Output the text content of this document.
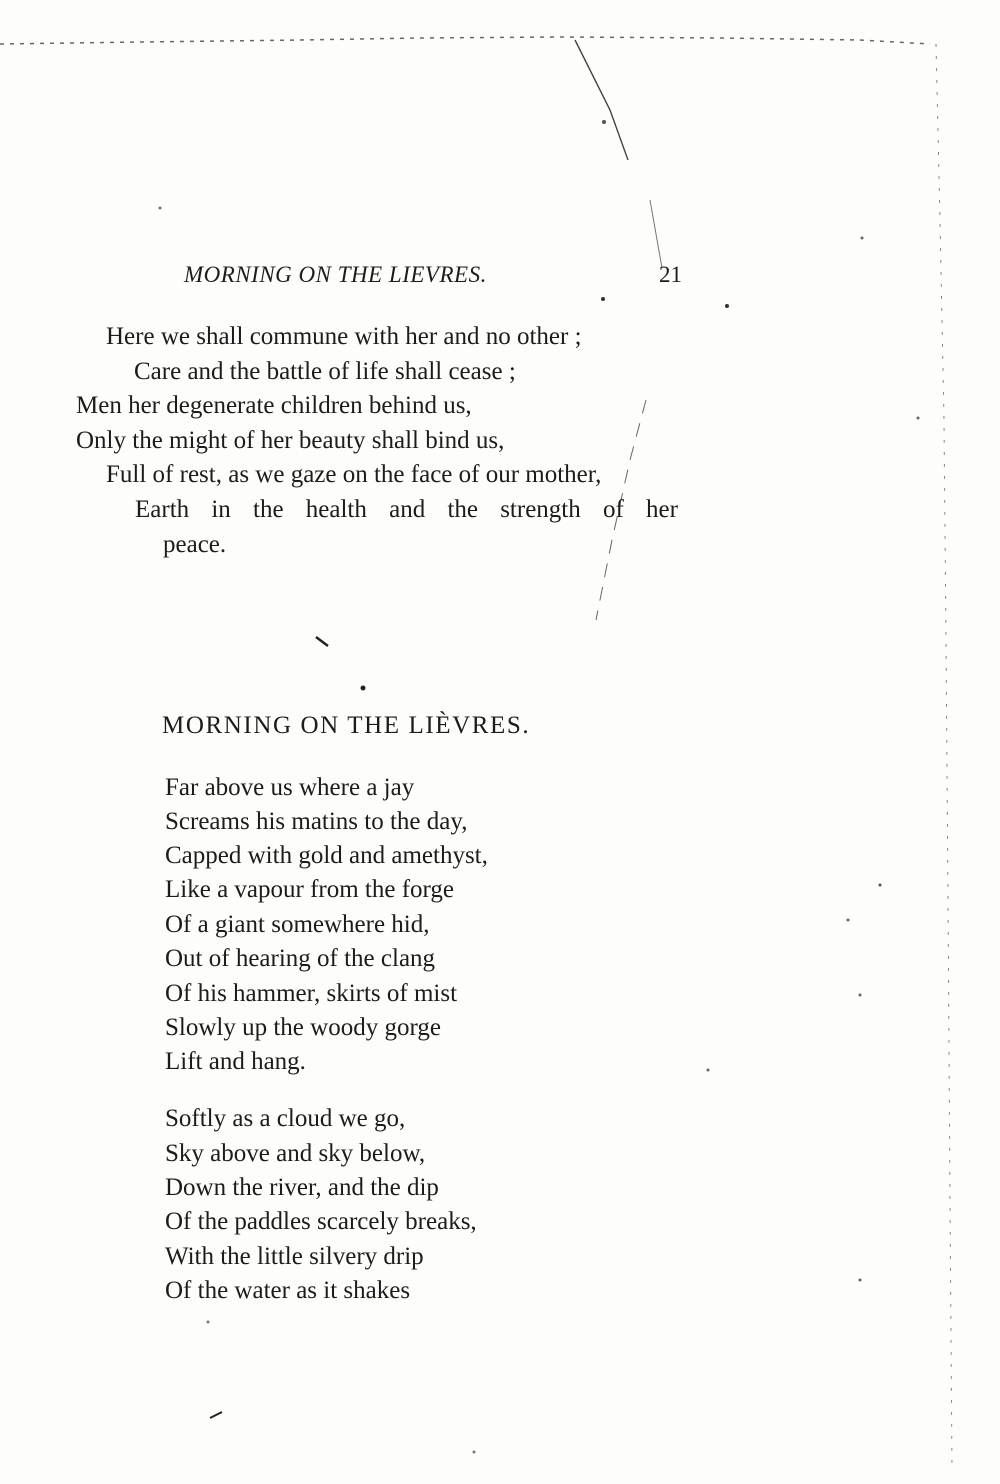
MORNING ON THE LIEVRES.	21
Here we shall commune with her and no other ;
Care and the battle of life shall cease ;
Men her degenerate children behind us,
Only the might of her beauty shall bind us,
Full of rest, as we gaze on the face of our mother,
Earth in the health and the strength of her
peace.
MORNING ON THE LIÈVRES.
Far above us where a jay
Screams his matins to the day,
Capped with gold and amethyst,
Like a vapour from the forge
Of a giant somewhere hid,
Out of hearing of the clang
Of his hammer, skirts of mist
Slowly up the woody gorge
Lift and hang.
Softly as a cloud we go,
Sky above and sky below,
Down the river, and the dip
Of the paddles scarcely breaks,
With the little silvery drip
Of the water as it shakes
